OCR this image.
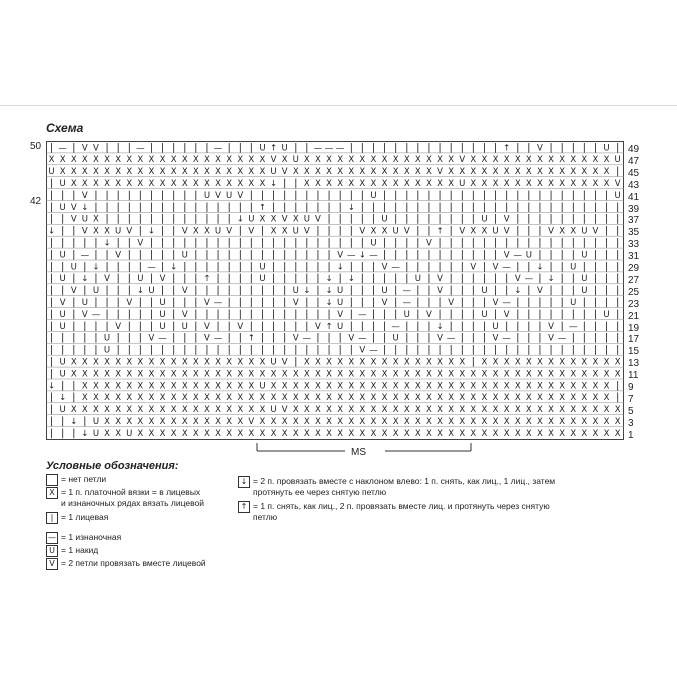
Схема
50
42
| — | V V | | | — | | | | | | — | | | U ↑ U | | — — — | | | | | | | | | | | | | | ↑ | | V | | | | | U |
X X X X X X X X X X X X X X X X X X X X V X U X X X X X X X X X X X X X X V X X X X X X X X X X X X X U
U X X X X X X X X X X X X X X X X X X X U V X X X X X X X X X X X X X V X X X X X X X X X X X X X X X |
| U X X X X X X X X X X X X X X X X X X ↓ | | X X X X X X X X X X X X X X U X X X X X X X X X X X X X V
| | | V | | | | | | | | | | U V U V | | | | | | | | | | | U | | | | | | | | | | | | | | | | | | | | | U
| U V ↓ | | | | | | | | | | | | | | | ↑ | | | | | | | ↓ | | | | | | | | | | | | | | | | | | | | | | | |
| | V U X | | | | | | | | | | | | ↓ U X X V X U V | | | | | U | | | | | | | | U | V | | | | | | | | | |
↓ | | V X X U V | ↓ | | V X X U V | V | X X U V | | | | V X X U V | | ↑ | V X X U V | | | V X X U V | |
| | | | | ↓ | | V | | | | | | | | | | | | | | | | | | | | U | | | | V | | | | | | | | | | | | | | | | |
| U | — | | V | | | | | U | | | | | | | | | | | | | V — ↓ — | | | | | | | | | | | V — U | | | | U | | |
| | U | ↓ | | | | — | ↓ | | | | | | | U | | | | | | ↓ | | | V — | | | | | | V | V — | | ↓ | | U | | | |
| U | ↓ | V | | U | V | | | ↑ | | | | U | | | | | ↓ | ↓ | | | | | U | V | | | | | | V — | ↓ | | U | | |
| | V | U | | | ↓ U | | V | | | | | | | | | U ↓ | ↓ U | | | U | — | | V | | | U | | ↓ | V | | | U | | |
| V | U | | | V | | U | | | V — | | | | | | V | | ↓ U | | | V | — | | | V | | | V — | | | | | U | | | |
| U | V — | | | | | U | V | | | | | | | | | | | | | V | — | | | U | V | | | | U | V | | | | | | | | U |
| U | | | | V | | | U | U | V | | V | | | | | | V ↑ U | | | | — | | | ↓ | | | | U | | | | V | — | | | |
| | | | | U | | | V — | | | V — | | ↑ | | | V — | | | V — | | U | | | V — | | | V — | | | V — | | | | |
| | | | | U | | | | | | | | | | | | | | | | | | | | | | V — | | | | | | | | | | | | | | | | | | | | | |
| U X X X X X X X X X X X X X X X X X X U V | X X X X X X X X X X X X X X X | X X X X X X X X X X X X X
| U X X X X X X X X X X X X X X X X X X X X X X X X X X X X X X X X X X X X X X X X X X X X X X X X X X
↓ | | X X X X X X X X X X X X X X X X U X X X X X X X X X X X X X X X X X X X X X X X X X X X X X X X |
| ↓ | X X X X X X X X X X X X X X X X X X X X X X X X X X X X X X X X X X X X X X X X X X X X X X X X |
| U X X X X X X X X X X X X X X X X X X U V X X X X X X X X X X X X X X X X X X X X X X X X X X X X X X
| | ↓ | U X X X X X X X X X X X X X V X X X X X X X X X X X X X X X X X X X X X X X X X X X X X X X X X
| | | ↓ U X X U X X X X X X X X X X X X X X X X X X X X X X X X X X X X X X X X X X X X X X X X X X X X
49
47
45
43
41
39
37
35
33
31
29
27
25
23
21
19
17
15
13
11
9
7
5
3
1
MS
Условные обозначения:
= нет петли
X = 1 п. платочной вязки = в лицевых
и изнаночных рядах вязать лицевой
| = 1 лицевая
— = 1 изнаночная
U = 1 накид
V = 2 петли провязать вместе лицевой
↓ = 2 п. провязать вместе с наклоном влево: 1 п. снять, как лиц., 1 лиц., затем
протянуть ее через снятую петлю
↑ = 1 п. снять, как лиц., 2 п. провязать вместе лиц. и протянуть через снятую
петлю
